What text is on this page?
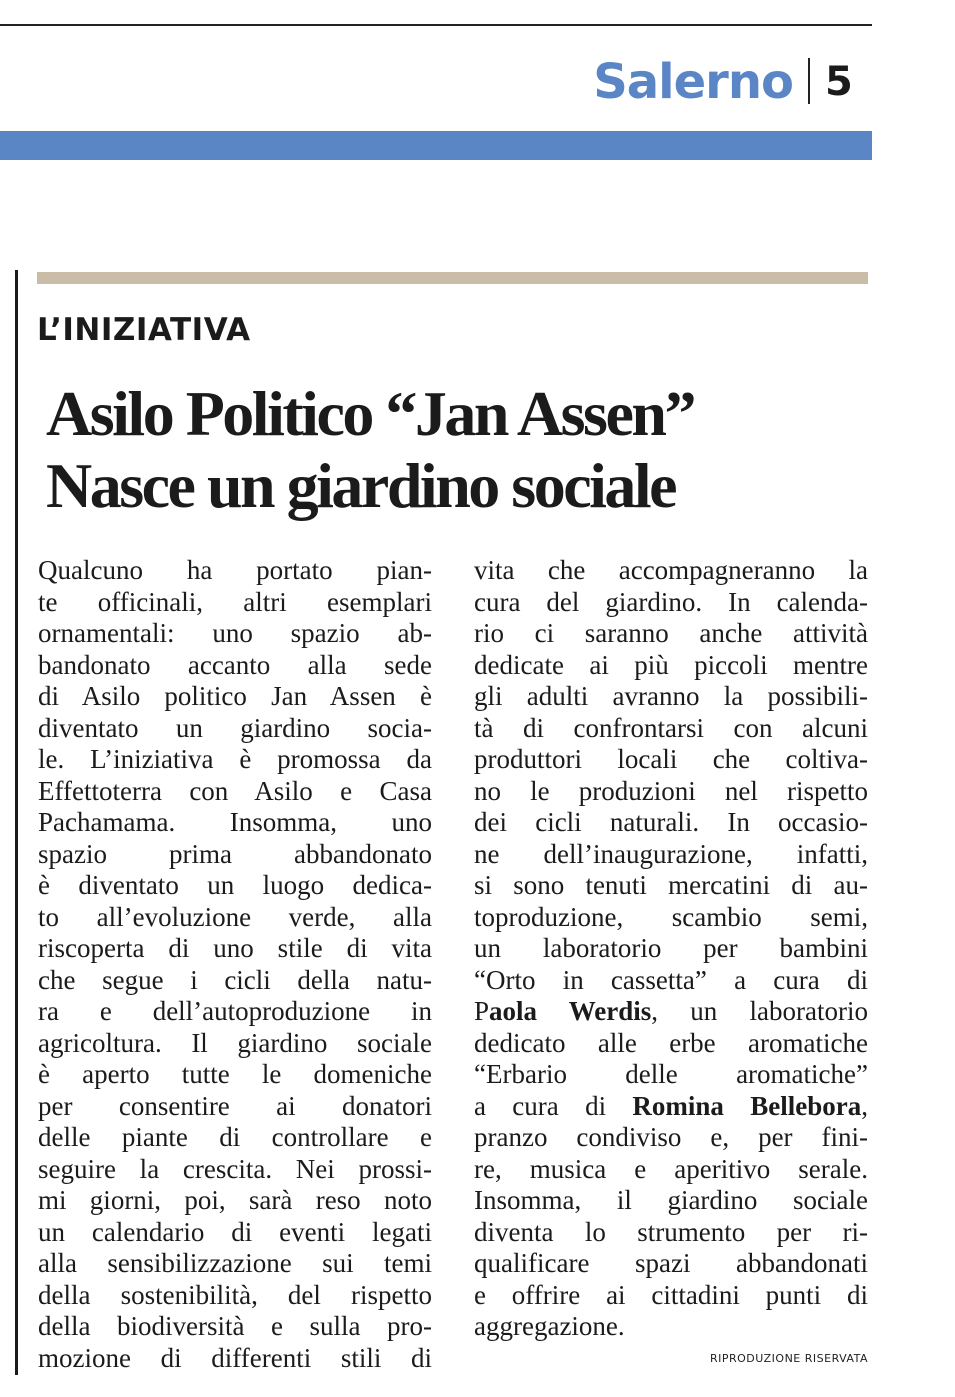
Salerno 5
L’INIZIATIVA
Asilo Politico “Jan Assen”
Nasce un giardino sociale
Qualcuno ha portato pian-
te officinali, altri esemplari
ornamentali: uno spazio ab-
bandonato accanto alla sede
di Asilo politico Jan Assen è
diventato un giardino socia-
le. L’iniziativa è promossa da
Effettoterra con Asilo e Casa
Pachamama. Insomma, uno
spazio prima abbandonato
è diventato un luogo dedica-
to all’evoluzione verde, alla
riscoperta di uno stile di vita
che segue i cicli della natu-
ra e dell’autoproduzione in
agricoltura. Il giardino sociale
è aperto tutte le domeniche
per consentire ai donatori
delle piante di controllare e
seguire la crescita. Nei prossi-
mi giorni, poi, sarà reso noto
un calendario di eventi legati
alla sensibilizzazione sui temi
della sostenibilità, del rispetto
della biodiversità e sulla pro-
mozione di differenti stili di
vita che accompagneranno la
cura del giardino. In calenda-
rio ci saranno anche attività
dedicate ai più piccoli mentre
gli adulti avranno la possibili-
tà di confrontarsi con alcuni
produttori locali che coltiva-
no le produzioni nel rispetto
dei cicli naturali. In occasio-
ne dell’inaugurazione, infatti,
si sono tenuti mercatini di au-
toproduzione, scambio semi,
un laboratorio per bambini
“Orto in cassetta” a cura di
Paola Werdis, un laboratorio
dedicato alle erbe aromatiche
“Erbario delle aromatiche”
a cura di Romina Bellebora,
pranzo condiviso e, per fini-
re, musica e aperitivo serale.
Insomma, il giardino sociale
diventa lo strumento per ri-
qualificare spazi abbandonati
e offrire ai cittadini punti di
aggregazione.
RIPRODUZIONE RISERVATA
